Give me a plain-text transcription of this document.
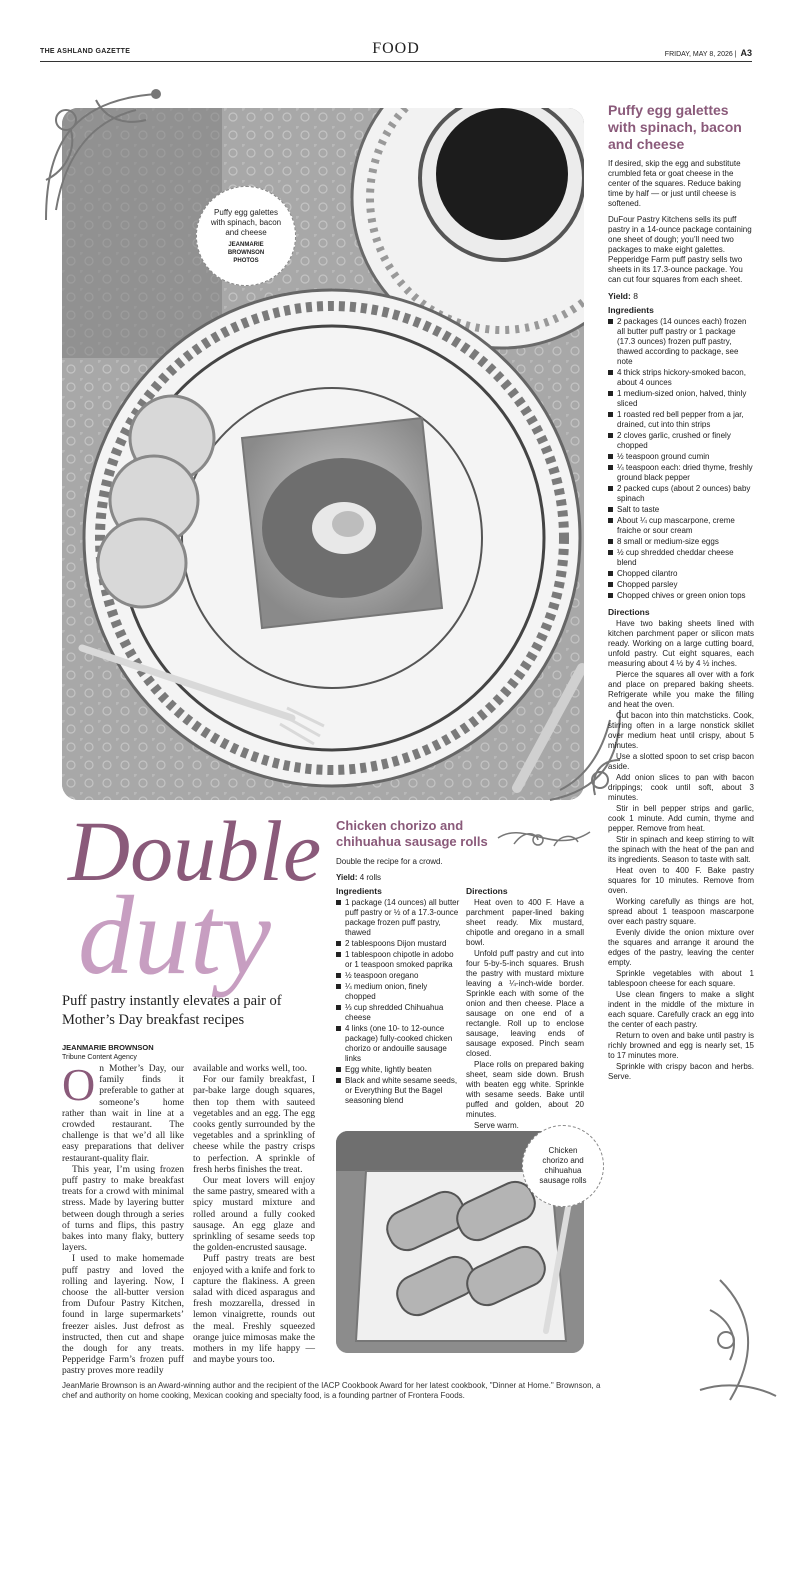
THE ASHLAND GAZETTE	FOOD	FRIDAY, MAY 8, 2026 | A3
Puffy egg galettes with spinach, bacon and cheese
JEANMARIE BROWNSON PHOTOS
Puffy egg galettes with spinach, bacon and cheese

If desired, skip the egg and substitute crumbled feta or goat cheese in the center of the squares. Reduce baking time by half — or just until cheese is softened.

DuFour Pastry Kitchens sells its puff pastry in a 14-ounce package containing one sheet of dough; you’ll need two packages to make eight galettes. Pepperidge Farm puff pastry sells two sheets in its 17.3-ounce package. You can cut four squares from each sheet.

Yield: 8
Ingredients
2 packages (14 ounces each) frozen all butter puff pastry or 1 package (17.3 ounces) frozen puff pastry, thawed according to package, see note
4 thick strips hickory-smoked bacon, about 4 ounces
1 medium-sized onion, halved, thinly sliced
1 roasted red bell pepper from a jar, drained, cut into thin strips
2 cloves garlic, crushed or finely chopped
½ teaspoon ground cumin
¼ teaspoon each: dried thyme, freshly ground black pepper
2 packed cups (about 2 ounces) baby spinach
Salt to taste
About ¼ cup mascarpone, creme fraiche or sour cream
8 small or medium-size eggs
½ cup shredded cheddar cheese blend
Chopped cilantro
Chopped parsley
Chopped chives or green onion tops
Directions

Have two baking sheets lined with kitchen parchment paper or silicon mats ready. Working on a large cutting board, unfold pastry. Cut eight squares, each measuring about 4 ½ by 4 ½ inches.

Pierce the squares all over with a fork and place on prepared baking sheets. Refrigerate while you make the filling and heat the oven.

Cut bacon into thin matchsticks. Cook, stirring often in a large nonstick skillet over medium heat until crispy, about 5 minutes.

Use a slotted spoon to set crisp bacon aside.

Add onion slices to pan with bacon drippings; cook until soft, about 3 minutes.

Stir in bell pepper strips and garlic, cook 1 minute. Add cumin, thyme and pepper. Remove from heat.

Stir in spinach and keep stirring to wilt the spinach with the heat of the pan and its ingredients. Season to taste with salt.

Heat oven to 400 F. Bake pastry squares for 10 minutes. Remove from oven.

Working carefully as things are hot, spread about 1 teaspoon mascarpone over each pastry square.

Evenly divide the onion mixture over the squares and arrange it around the edges of the pastry, leaving the center empty.

Sprinkle vegetables with about 1 tablespoon cheese for each square.

Use clean fingers to make a slight indent in the middle of the mixture in each square. Carefully crack an egg into the center of each pastry.

Return to oven and bake until pastry is richly browned and egg is nearly set, 15 to 17 minutes more.

Sprinkle with crispy bacon and herbs. Serve.

Double
duty
Puff pastry instantly elevates a pair of Mother’s Day breakfast recipes
JEANMARIE BROWNSON
Tribune Content Agency

On Mother’s Day, our family finds it preferable to gather at someone’s home rather than wait in line at a crowded restaurant. The challenge is that we’d all like easy preparations that deliver restaurant-quality flair.

This year, I’m using frozen puff pastry to make breakfast treats for a crowd with minimal stress. Made by layering butter between dough through a series of turns and flips, this pastry bakes into many flaky, buttery layers.

I used to make homemade puff pastry and loved the rolling and layering. Now, I choose the all-butter version from Dufour Pastry Kitchen, found in large supermarkets’ freezer aisles. Just defrost as instructed, then cut and shape the dough for any treats. Pepperidge Farm’s frozen puff pastry proves more readily

available and works well, too.

For our family breakfast, I par-bake large dough squares, then top them with sauteed vegetables and an egg. The egg cooks gently surrounded by the vegetables and a sprinkling of cheese while the pastry crisps to perfection. A sprinkle of fresh herbs finishes the treat.

Our meat lovers will enjoy the same pastry, smeared with a spicy mustard mixture and rolled around a fully cooked sausage. An egg glaze and sprinkling of sesame seeds top the golden-encrusted sausage.

Puff pastry treats are best enjoyed with a knife and fork to capture the flakiness. A green salad with diced asparagus and fresh mozzarella, dressed in lemon vinaigrette, rounds out the meal. Freshly squeezed orange juice mimosas make the mothers in my life happy — and maybe yours too.

Chicken chorizo and chihuahua sausage rolls
Double the recipe for a crowd.
Yield: 4 rolls
Ingredients
1 package (14 ounces) all butter puff pastry or ½ of a 17.3-ounce package frozen puff pastry, thawed
2 tablespoons Dijon mustard
1 tablespoon chipotle in adobo or 1 teaspoon smoked paprika
½ teaspoon oregano
¼ medium onion, finely chopped
⅓ cup shredded Chihuahua cheese
4 links (one 10- to 12-ounce package) fully-cooked chicken chorizo or andouille sausage links
Egg white, lightly beaten
Black and white sesame seeds, or Everything But the Bagel seasoning blend
Directions

Heat oven to 400 F. Have a parchment paper-lined baking sheet ready. Mix mustard, chipotle and oregano in a small bowl.

Unfold puff pastry and cut into four 5-by-5-inch squares. Brush the pastry with mustard mixture leaving a ¼-inch-wide border. Sprinkle each with some of the onion and then cheese. Place a sausage on one end of a rectangle. Roll up to enclose sausage, leaving ends of sausage exposed. Pinch seam closed.

Place rolls on prepared baking sheet, seam side down. Brush with beaten egg white. Sprinkle with sesame seeds. Bake until puffed and golden, about 20 minutes.

Serve warm.

Chicken chorizo and chihuahua sausage rolls
JeanMarie Brownson is an Award-winning author and the recipient of the IACP Cookbook Award for her latest cookbook, "Dinner at Home." Brownson, a chef and authority on home cooking, Mexican cooking and specialty food, is a founding partner of Frontera Foods.
